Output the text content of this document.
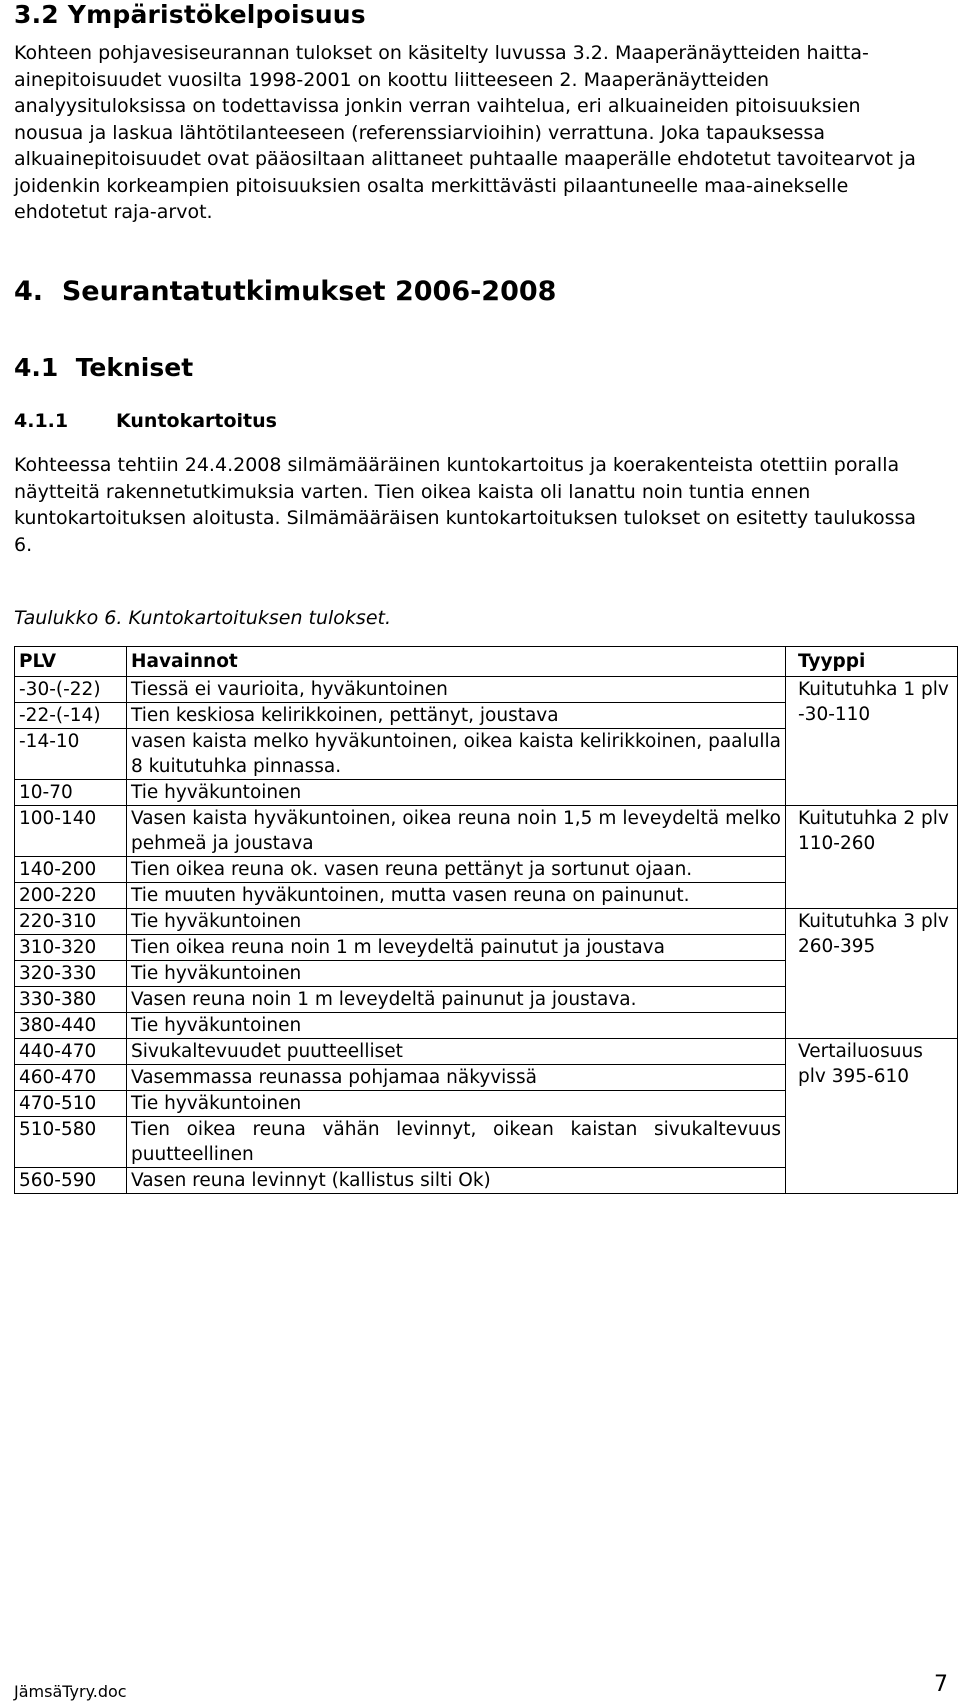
3.2 Ympäristökelpoisuus

Kohteen pohjavesiseurannan tulokset on käsitelty luvussa 3.2. Maaperänäytteiden haitta-ainepitoisuudet vuosilta 1998-2001 on koottu liitteeseen 2. Maaperänäytteiden analyysituloksissa on todettavissa jonkin verran vaihtelua, eri alkuaineiden pitoisuuksien nousua ja laskua lähtötilanteeseen (referenssiarvioihin) verrattuna. Joka tapauksessa alkuainepitoisuudet ovat pääosiltaan alittaneet puhtaalle maaperälle ehdotetut tavoitearvot ja joidenkin korkeampien pitoisuuksien osalta merkittävästi pilaantuneelle maa-ainekselle ehdotetut raja-arvot.

4.  Seurantatutkimukset 2006-2008
4.1  Tekniset
4.1.1	Kuntokartoitus

Kohteessa tehtiin 24.4.2008 silmämääräinen kuntokartoitus ja koerakenteista otettiin poralla näytteitä rakennetutkimuksia varten. Tien oikea kaista oli lanattu noin tuntia ennen kuntokartoituksen aloitusta. Silmämääräisen kuntokartoituksen tulokset on esitetty taulukossa 6.

Taulukko 6. Kuntokartoituksen tulokset.

PLV	Havainnot	Tyyppi
-30-(-22)	Tiessä ei vaurioita, hyväkuntoinen	Kuitutuhka 1 plv -30-110
-22-(-14)	Tien keskiosa kelirikkoinen, pettänyt, joustava	
-14-10	vasen kaista melko hyväkuntoinen, oikea kaista kelirikkoinen, paalulla 8 kuitutuhka pinnassa.	
10-70	Tie hyväkuntoinen	
100-140	Vasen kaista hyväkuntoinen, oikea reuna noin 1,5 m leveydeltä melko pehmeä ja joustava	Kuitutuhka 2 plv 110-260
140-200	Tien oikea reuna ok. vasen reuna pettänyt ja sortunut ojaan.	
200-220	Tie muuten hyväkuntoinen, mutta vasen reuna on painunut.	
220-310	Tie hyväkuntoinen	Kuitutuhka 3 plv 260-395
310-320	Tien oikea reuna noin 1 m leveydeltä painutut ja joustava	
320-330	Tie hyväkuntoinen	
330-380	Vasen reuna noin 1 m leveydeltä painunut ja joustava.	
380-440	Tie hyväkuntoinen	
440-470	Sivukaltevuudet puutteelliset	Vertailuosuus plv 395-610
460-470	Vasemmassa reunassa pohjamaa näkyvissä	
470-510	Tie hyväkuntoinen	
510-580	Tien oikea reuna vähän levinnyt, oikean kaistan sivukaltevuus puutteellinen	
560-590	Vasen reuna levinnyt (kallistus silti Ok)	
JämsäTyry.doc	7
